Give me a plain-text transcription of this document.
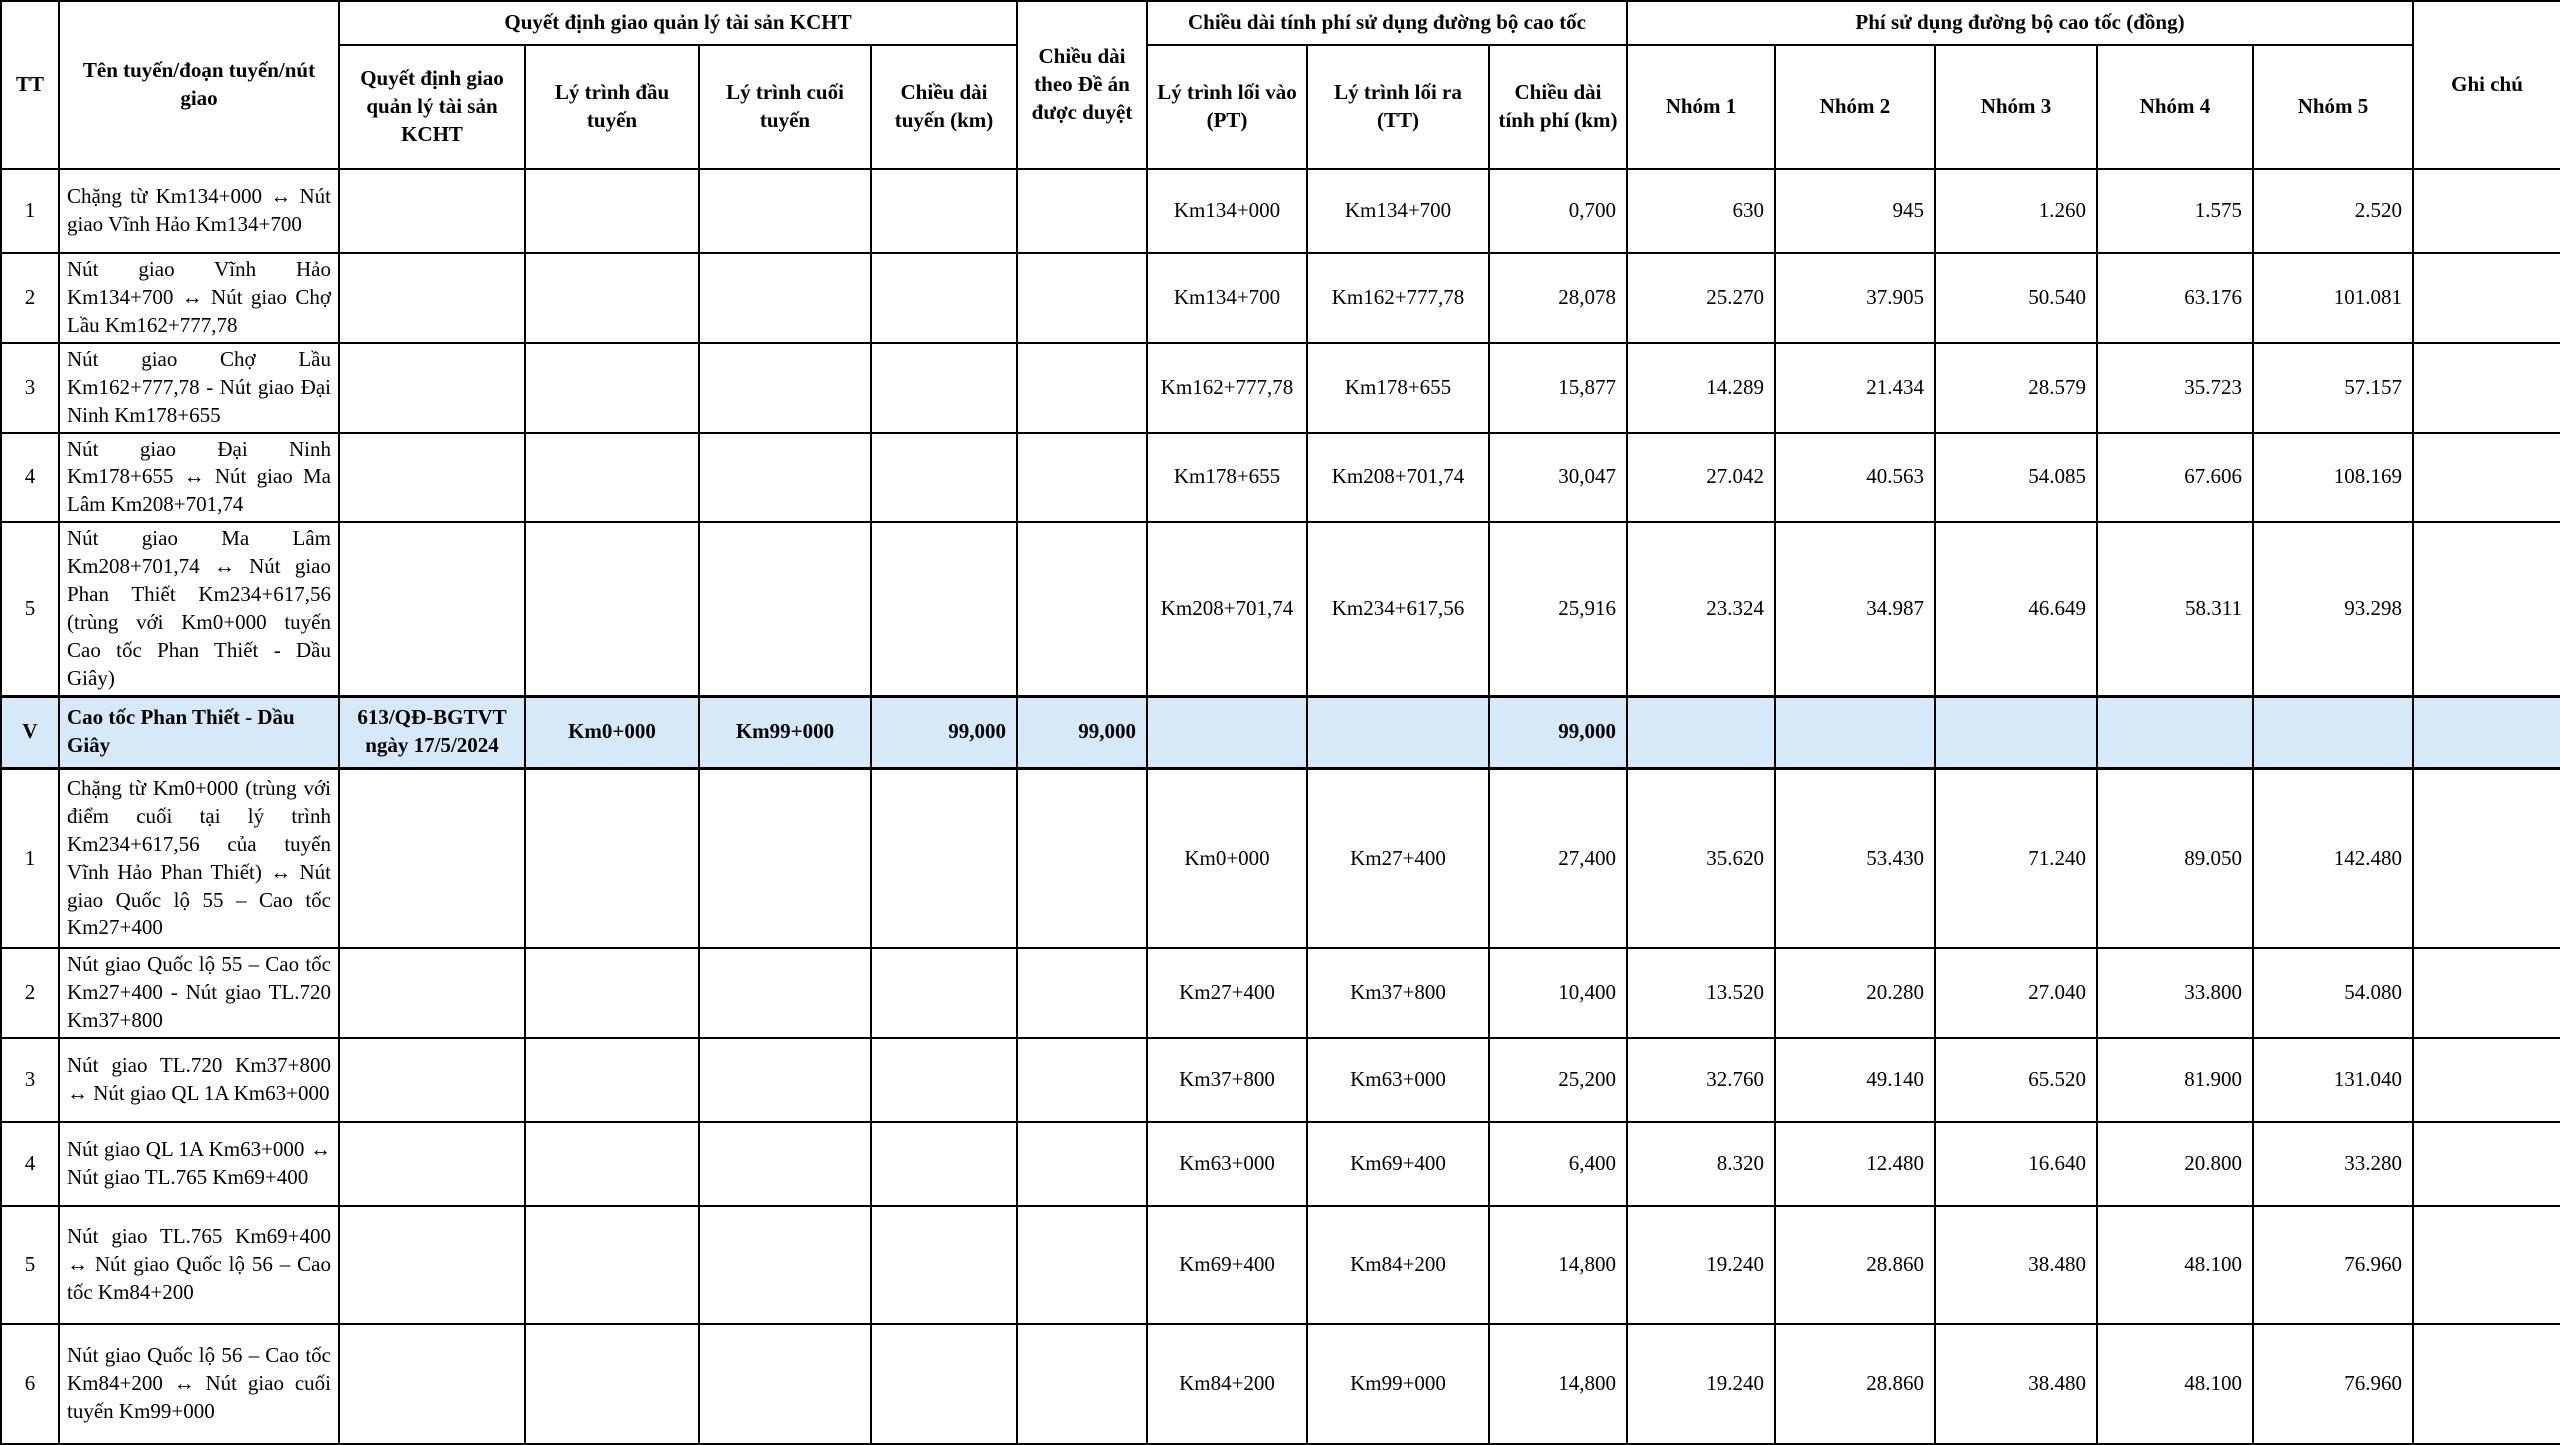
TT	Tên tuyến/đoạn tuyến/nút giao	Quyết định giao quản lý tài sản KCHT				Chiều dài theo Đề án được duyệt	Chiều dài tính phí sử dụng đường bộ cao tốc			Phí sử dụng đường bộ cao tốc (đồng)					Ghi chú
		Quyết định giao quản lý tài sản KCHT	Lý trình đầu tuyến	Lý trình cuối tuyến	Chiều dài tuyến (km)		Lý trình lối vào (PT)	Lý trình lối ra (TT)	Chiều dài tính phí (km)	Nhóm 1	Nhóm 2	Nhóm 3	Nhóm 4	Nhóm 5	
1	Chặng từ Km134+000 ↔ Nút giao Vĩnh Hảo Km134+700						Km134+000	Km134+700	0,700	630	945	1.260	1.575	2.520	
2	Nút giao Vĩnh Hảo Km134+700 ↔ Nút giao Chợ Lầu Km162+777,78						Km134+700	Km162+777,78	28,078	25.270	37.905	50.540	63.176	101.081	
3	Nút giao Chợ Lầu Km162+777,78 - Nút giao Đại Ninh Km178+655						Km162+777,78	Km178+655	15,877	14.289	21.434	28.579	35.723	57.157	
4	Nút giao Đại Ninh Km178+655 ↔ Nút giao Ma Lâm Km208+701,74						Km178+655	Km208+701,74	30,047	27.042	40.563	54.085	67.606	108.169	
5	Nút giao Ma Lâm Km208+701,74 ↔ Nút giao Phan Thiết Km234+617,56 (trùng với Km0+000 tuyến Cao tốc Phan Thiết - Dầu Giây)						Km208+701,74	Km234+617,56	25,916	23.324	34.987	46.649	58.311	93.298	
V	Cao tốc Phan Thiết - Dầu Giây	613/QĐ-BGTVT ngày 17/5/2024	Km0+000	Km99+000	99,000	99,000			99,000						
1	Chặng từ Km0+000 (trùng với điểm cuối tại lý trình Km234+617,56 của tuyến Vĩnh Hảo Phan Thiết) ↔ Nút giao Quốc lộ 55 – Cao tốc Km27+400						Km0+000	Km27+400	27,400	35.620	53.430	71.240	89.050	142.480	
2	Nút giao Quốc lộ 55 – Cao tốc Km27+400 - Nút giao TL.720 Km37+800						Km27+400	Km37+800	10,400	13.520	20.280	27.040	33.800	54.080	
3	Nút giao TL.720 Km37+800 ↔ Nút giao QL 1A Km63+000						Km37+800	Km63+000	25,200	32.760	49.140	65.520	81.900	131.040	
4	Nút giao QL 1A Km63+000 ↔ Nút giao TL.765 Km69+400						Km63+000	Km69+400	6,400	8.320	12.480	16.640	20.800	33.280	
5	Nút giao TL.765 Km69+400 ↔ Nút giao Quốc lộ 56 – Cao tốc Km84+200						Km69+400	Km84+200	14,800	19.240	28.860	38.480	48.100	76.960	
6	Nút giao Quốc lộ 56 – Cao tốc Km84+200 ↔ Nút giao cuối tuyến Km99+000						Km84+200	Km99+000	14,800	19.240	28.860	38.480	48.100	76.960	
